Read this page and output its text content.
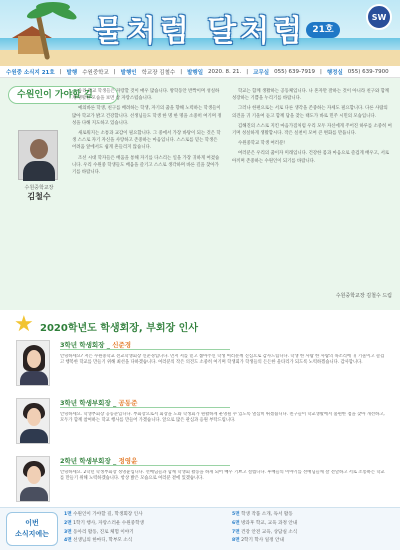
물처럼 달처럼 21호
SW
수원중 소식지 21호 | 발행 수원중학교 | 발행인 학교장 김철수 | 발행일 2020. 8. 21. | 교무실 055) 639-7919 | 행정실 055) 639-7900
수원인이 가야할 길
수원중학교장
김철수

우리 학교 학생들은 자랑할 것이 매우 많습니다. 방학동안 반짝이며 성실하게 생활한 모습을 보면 참 자랑스럽습니다.

예의바른 학생, 친구를 배려하는 학생, 자기의 꿈을 향해 노력하는 학생들이 많아 학교가 밝고 건강합니다. 선생님들도 학생 한 명 한 명을 소중히 여기며 정성을 다해 지도하고 있습니다.

새로워지는 소통과 교감이 필요합니다. 그 중에서 가장 바탕이 되는 것은 학생 스스로 자기 자신을 사랑하고 존중하는 마음입니다. 스스로를 믿는 학생은 어려움 앞에서도 쉽게 흔들리지 않습니다.

조선 시대 학자들은 배움을 통해 자기를 다스리는 일을 가장 귀하게 여겼습니다. 우리 수원중 학생들도 배움을 즐기고 스스로 생각하며 바른 길을 찾아가기를 바랍니다.

학교는 함께 생활하는 공동체입니다. 나 혼자만 잘하는 것이 아니라 친구와 함께 성장하는 기쁨을 누리기를 바랍니다.

그러나 한편으로는 서로 다른 생각을 존중하는 자세도 필요합니다. 다른 사람의 의견을 귀 기울여 듣고 함께 답을 찾는 태도가 바로 민주 시민의 모습입니다.

김해진의 스스로 지킨 마음가짐처럼 우리 모두 자신에게 주어진 하루를 소중히 여기며 성실하게 생활합시다. 작은 실천이 모여 큰 변화를 만듭니다.

수원중학교 학생 여러분!

여러분은 우리의 꿈이자 미래입니다. 건강한 몸과 마음으로 즐겁게 배우고, 서로 아끼며 존중하는 수원인이 되기를 바랍니다.

수원중학교장 김철수 드림
★ 2020학년도 학생회장, 부회장 인사
3학년 학생회장 _ 신준경
안녕하세요? 저는 수원중학교 전교학생회장 신준경입니다. 먼저 저를 믿고 뽑아주신 학생 여러분께 진심으로 감사드립니다. 학생 한 사람 한 사람의 목소리에 귀 기울이고 즐겁고 행복한 학교를 만들기 위해 최선을 다하겠습니다. 여러분의 작은 의견도 소중히 여기며 학생회가 학생들의 든든한 울타리가 되도록 노력하겠습니다. 감사합니다.
3학년 학생부회장 _ 공동준
안녕하세요. 학생부회장 공동준입니다. 부회장으로서 회장을 도와 학생회가 원활하게 운영될 수 있도록 열심히 뛰겠습니다. 친구들이 학교생활에서 불편한 점을 찾아 개선하고, 모두가 함께 참여하는 학교 행사를 만들어 가겠습니다. 앞으로 많은 관심과 응원 부탁드립니다.
2학년 학생부회장 _ 정영윤
안녕하세요. 2학년 학생부회장 정영윤입니다. 선배님들과 함께 학생회 활동을 하게 되어 매우 기쁘고 설렙니다. 후배들의 이야기를 선배님들께 잘 전달하고 서로 소통하는 학교를 만들기 위해 노력하겠습니다. 항상 밝은 모습으로 여러분 곁에 있겠습니다.
이번
소식지에는
1면 수원인이 가야할 길, 학생회장 인사
2면 1학기 행사, 자랑스러운 수원중학생
3면 동아리 활동, 진로 체험 이야기
4면 선생님의 한마디, 학부모 소식
5면 학생 작품 소개, 독서 활동
6면 방과후 학교, 교육 과정 안내
7면 건강 안전 교육, 상담실 소식
8면 2학기 학사 일정 안내
